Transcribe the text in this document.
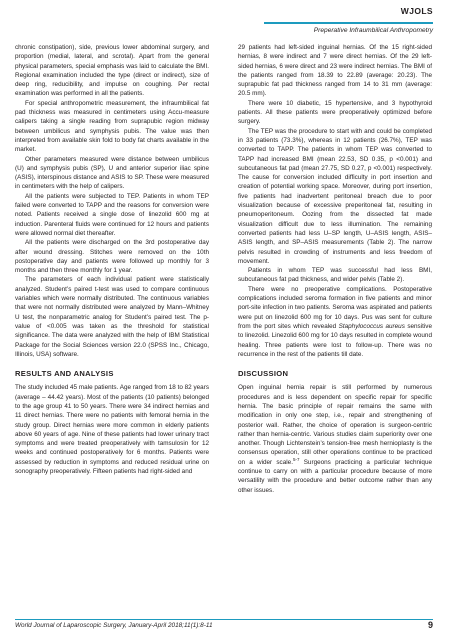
WJOLS
Preperative Infraumbilical Anthropometry

chronic constipation), side, previous lower abdominal surgery, and proportion (medial, lateral, and scrotal). Apart from the general physical parameters, special emphasis was laid to calculate the BMI. Regional examination included the type (direct or indirect), size of deep ring, reducibility, and impulse on coughing. Per rectal examination was performed in all the patients.

For special anthropometric measurement, the infraumbilical fat pad thickness was measured in centimeters using Accu-measure calipers taking a single reading from suprapubic region midway between umbilicus and symphysis pubis. The value was then interpreted from available skin fold to body fat charts available in the market.

Other parameters measured were distance between umbilicus (U) and symphysis pubis (SP), U and anterior superior iliac spine (ASIS), interspinous distance and ASIS to SP. These were measured in centimeters with the help of calipers.

All the patients were subjected to TEP. Patients in whom TEP failed were converted to TAPP and the reasons for conversion were noted. Patients received a single dose of linezolid 600 mg at induction. Parenteral fluids were continued for 12 hours and patients were allowed normal diet thereafter.

All the patients were discharged on the 3rd postoperative day after wound dressing. Stitches were removed on the 10th postoperative day and patients were followed up monthly for 3 months and then three monthly for 1 year.

The parameters of each individual patient were statistically analyzed. Student’s paired t-test was used to compare continuous variables which were normally distributed. The continuous variables that were not normally distributed were analyzed by Mann–Whitney U test, the nonparametric analog for Student’s paired test. The p-value of <0.005 was taken as the threshold for statistical significance. The data were analyzed with the help of IBM Statistical Package for the Social Sciences version 22.0 (SPSS Inc., Chicago, Illinois, USA) software.

RESULTS AND ANALYSIS

The study included 45 male patients. Age ranged from 18 to 82 years (average – 44.42 years). Most of the patients (10 patients) belonged to the age group 41 to 50 years. There were 34 indirect hernias and 11 direct hernias. There were no patients with femoral hernia in the study group. Direct hernias were more common in elderly patients above 60 years of age. Nine of these patients had lower urinary tract symptoms and were treated preoperatively with tamsulosin for 12 weeks and continued postoperatively for 6 months. Patients were assessed by reduction in symptoms and reduced residual urine on sonography preoperatively. Fifteen patients had right-sided and

29 patients had left-sided inguinal hernias. Of the 15 right-sided hernias, 8 were indirect and 7 were direct hernias. Of the 29 left-sided hernias, 6 were direct and 23 were indirect hernias. The BMI of the patients ranged from 18.39 to 22.89 (average: 20.23). The suprapubic fat pad thickness ranged from 14 to 31 mm (average: 20.5 mm).

There were 10 diabetic, 15 hypertensive, and 3 hypothyroid patients. All these patients were preoperatively optimized before surgery.

The TEP was the procedure to start with and could be completed in 33 patients (73.3%), whereas in 12 patients (26.7%), TEP was converted to TAPP. The patients in whom TEP was converted to TAPP had increased BMI (mean 22.53, SD 0.35, p <0.001) and subcutaneous fat pad (mean 27.75, SD 0.27, p <0.001) respectively. The cause for conversion included difficulty in port insertion and creation of potential working space. Moreover, during port insertion, five patients had inadvertent peritoneal breach due to poor visualization because of excessive preperitoneal fat, resulting in pneumoperitoneum. Oozing from the dissected fat made visualization difficult due to less illumination. The remaining converted patients had less U–SP length, U–ASIS length, ASIS–ASIS length, and SP–ASIS measurements (Table 2). The narrow pelvis resulted in crowding of instruments and less freedom of movement.

Patients in whom TEP was successful had less BMI, subcutaneous fat pad thickness, and wider pelvis (Table 2).

There were no preoperative complications. Postoperative complications included seroma formation in five patients and minor port-site infection in two patients. Seroma was aspirated and patients were put on linezolid 600 mg for 10 days. Pus was sent for culture from the port sites which revealed Staphylococcus aureus sensitive to linezolid. Linezolid 600 mg for 10 days resulted in complete wound healing. Three patients were lost to follow-up. There was no recurrence in the rest of the patients till date.

DISCUSSION

Open inguinal hernia repair is still performed by numerous procedures and is less dependent on specific repair for specific hernia. The basic principle of repair remains the same with modification in only one step, i.e., repair and strengthening of posterior wall. Rather, the choice of operation is surgeon-centric rather than hernia-centric. Various studies claim superiority over one another. Though Lichtenstein’s tension-free mesh hernioplasty is the consensus operation, still other operations continue to be practiced on a wider scale.$^{5-7}$ Surgeons practicing a particular technique continue to carry on with a particular procedure because of more versatility with the procedure and better outcome rather than any other issues.

World Journal of Laparoscopic Surgery, January-April 2018;11(1):8-11	9
